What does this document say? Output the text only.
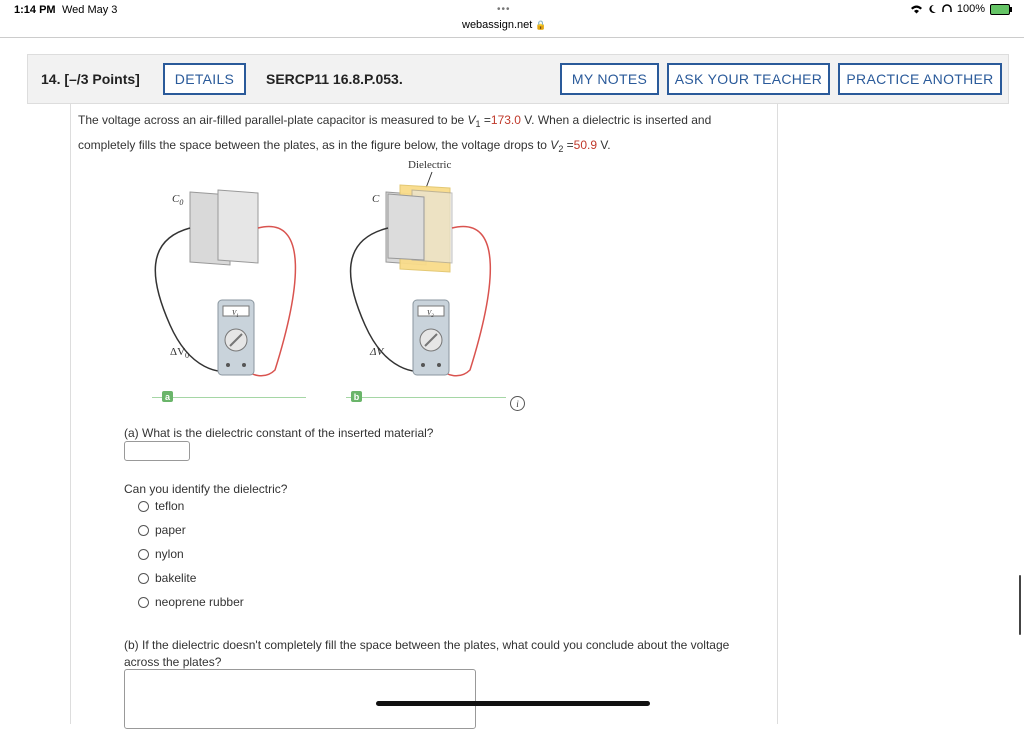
1:14 PM Wed May 3	100%
•••
webassign.net 🔒
14. [–/3 Points]	DETAILS	SERCP11 16.8.P.053.	MY NOTES	ASK YOUR TEACHER	PRACTICE ANOTHER
The voltage across an air-filled parallel-plate capacitor is measured to be $V_1 =173.0$ V. When a dielectric is inserted and completely fills the space between the plates, as in the figure below, the voltage drops to $V_2 =50.9$ V.
$C_0$
$V_1$
$\Delta V_0$
Dielectric
C
$V_2$
ΔV
a	b
i
(a) What is the dielectric constant of the inserted material?
Can you identify the dielectric?
teflon
paper
nylon
bakelite
neoprene rubber
(b) If the dielectric doesn't completely fill the space between the plates, what could you conclude about the voltage across the plates?
